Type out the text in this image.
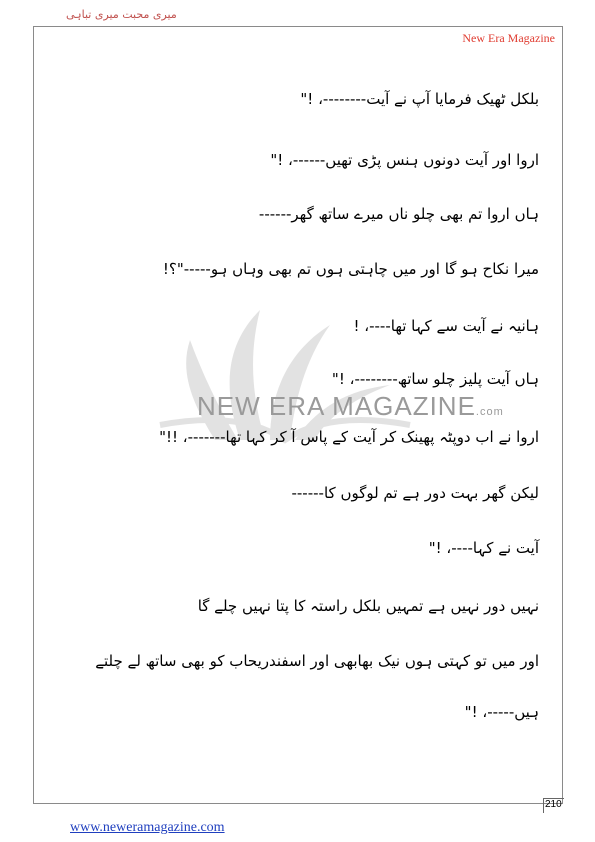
میری محبت میری تباہی
New Era Magazine
NEW ERA MAGAZINE.com
بلکل ٹھیک فرمایا آپ نے آیت--------، !"
اروا اور آیت دونوں ہنس پڑی تھیں------، !"
ہاں اروا تم بھی چلو ناں میرے ساتھ گھر------
میرا نکاح ہو گا اور میں چاہتی ہوں تم بھی وہاں ہو-----"؟!
ہانیہ نے آیت سے کہا تھا----، !
ہاں آیت پلیز چلو ساتھ--------، !"
اروا نے اب دوپٹہ پھینک کر آیت کے پاس آ کر کہا تھا-------، !!"
لیکن گھر بہت دور ہے تم لوگوں کا------
آیت نے کہا----، !"
نہیں دور نہیں ہے تمہیں بلکل راستہ کا پتا نہیں چلے گا
اور میں تو کہتی ہوں نیک بھابھی اور اسفندریحاب کو بھی ساتھ لے چلتے
ہیں-----، !"
210
www.neweramagazine.com
